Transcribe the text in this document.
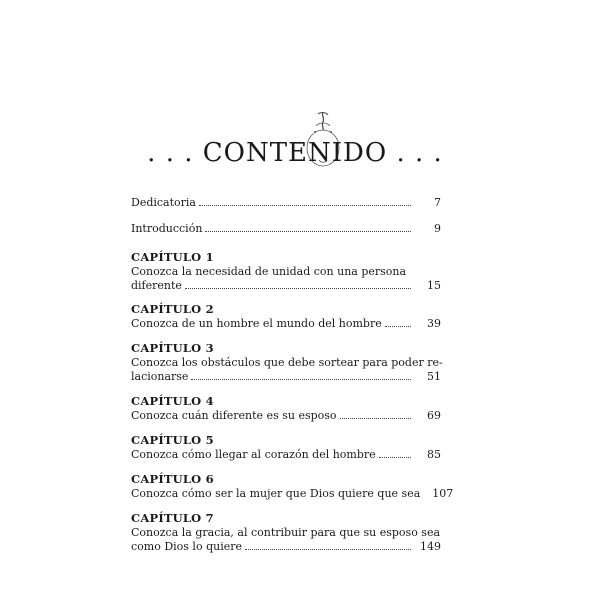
. . . CONTENIDO . . .
Dedicatoria	7
Introducción	9
CAPÍTULO 1
Conozca la necesidad de unidad con una persona
diferente	15
CAPÍTULO 2
Conozca de un hombre el mundo del hombre	39
CAPÍTULO 3
Conozca los obstáculos que debe sortear para poder re-
lacionarse	51
CAPÍTULO 4
Conozca cuán diferente es su esposo	69
CAPÍTULO 5
Conozca cómo llegar al corazón del hombre	85
CAPÍTULO 6
Conozca cómo ser la mujer que Dios quiere que sea	107
CAPÍTULO 7
Conozca la gracia, al contribuir para que su esposo sea
como Dios lo quiere	149
